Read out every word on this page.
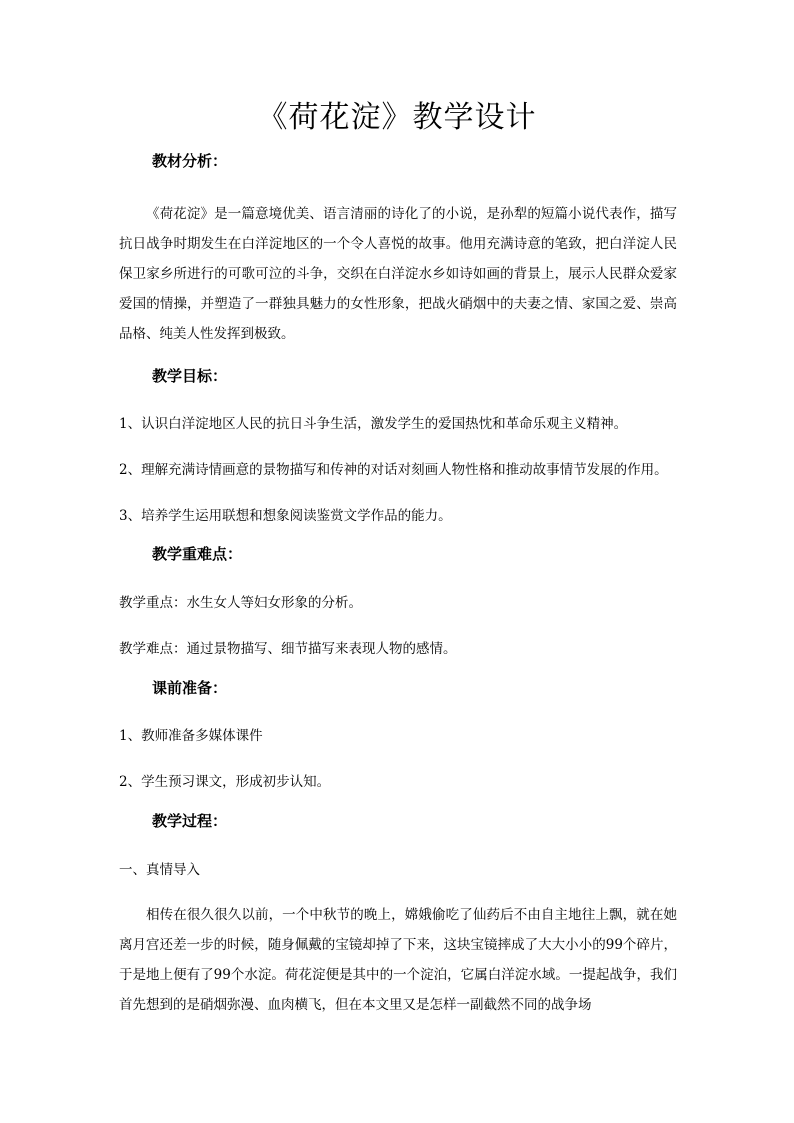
《荷花淀》教学设计
教材分析：
《荷花淀》是一篇意境优美、语言清丽的诗化了的小说，是孙犁的短篇小说代表作，描写抗日战争时期发生在白洋淀地区的一个令人喜悦的故事。他用充满诗意的笔致，把白洋淀人民保卫家乡所进行的可歌可泣的斗争，交织在白洋淀水乡如诗如画的背景上，展示人民群众爱家爱国的情操，并塑造了一群独具魅力的女性形象，把战火硝烟中的夫妻之情、家国之爱、崇高品格、纯美人性发挥到极致。
教学目标：
1、认识白洋淀地区人民的抗日斗争生活，激发学生的爱国热忱和革命乐观主义精神。
2、理解充满诗情画意的景物描写和传神的对话对刻画人物性格和推动故事情节发展的作用。
3、培养学生运用联想和想象阅读鉴赏文学作品的能力。
教学重难点：
教学重点：水生女人等妇女形象的分析。
教学难点：通过景物描写、细节描写来表现人物的感情。
课前准备：
1、教师准备多媒体课件
2、学生预习课文，形成初步认知。
教学过程：
一、真情导入
相传在很久很久以前，一个中秋节的晚上，嫦娥偷吃了仙药后不由自主地往上飘，就在她离月宫还差一步的时候，随身佩戴的宝镜却掉了下来，这块宝镜摔成了大大小小的99个碎片，于是地上便有了99个水淀。荷花淀便是其中的一个淀泊，它属白洋淀水域。一提起战争，我们首先想到的是硝烟弥漫、血肉横飞，但在本文里又是怎样一副截然不同的战争场
